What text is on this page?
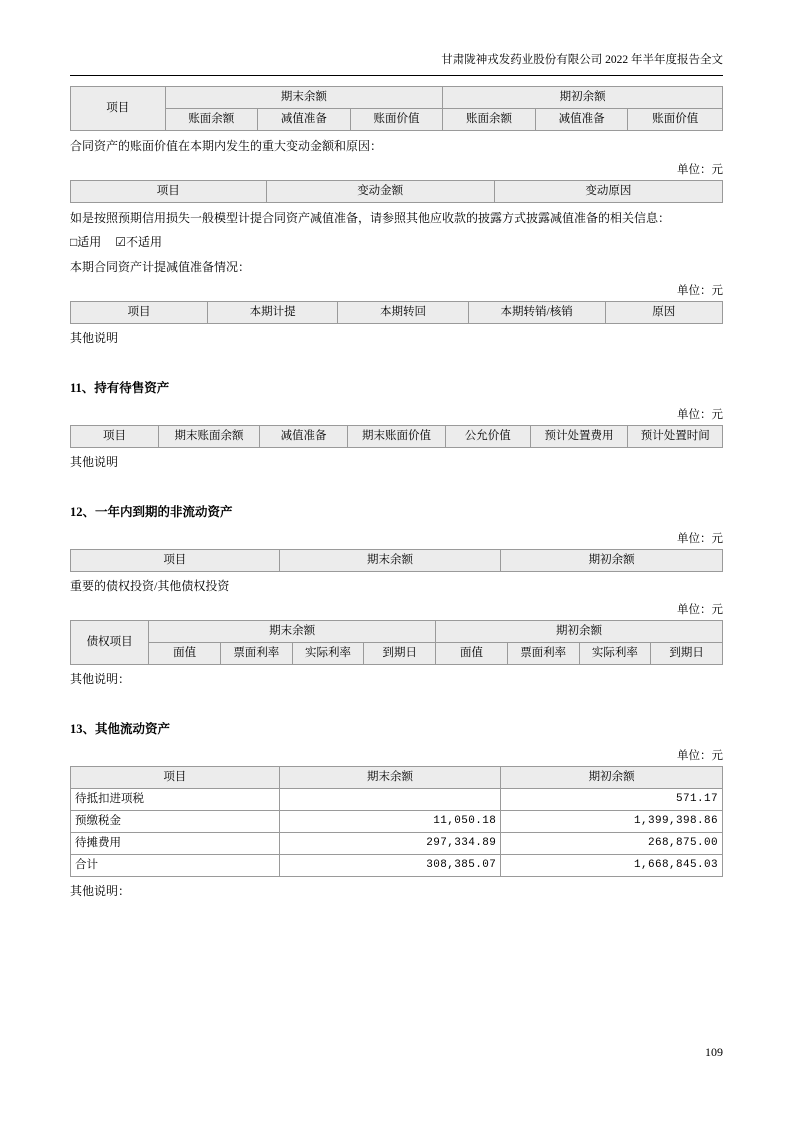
甘肃陇神戎发药业股份有限公司 2022 年半年度报告全文
项目	期末余额			期初余额		
	账面余额	减值准备	账面价值	账面余额	减值准备	账面价值
合同资产的账面价值在本期内发生的重大变动金额和原因：
单位：元
项目	变动金额	变动原因
如是按照预期信用损失一般模型计提合同资产减值准备，请参照其他应收款的披露方式披露减值准备的相关信息：
□适用 ☑不适用
本期合同资产计提减值准备情况：
单位：元
项目	本期计提	本期转回	本期转销/核销	原因
其他说明
11、持有待售资产
单位：元
项目	期末账面余额	减值准备	期末账面价值	公允价值	预计处置费用	预计处置时间
其他说明
12、一年内到期的非流动资产
单位：元
项目	期末余额	期初余额
重要的债权投资/其他债权投资
单位：元
债权项目	期末余额				期初余额			
	面值	票面利率	实际利率	到期日	面值	票面利率	实际利率	到期日
其他说明：
13、其他流动资产
单位：元
项目	期末余额	期初余额
待抵扣进项税		571.17
预缴税金	11,050.18	1,399,398.86
待摊费用	297,334.89	268,875.00
合计	308,385.07	1,668,845.03
其他说明：
109
